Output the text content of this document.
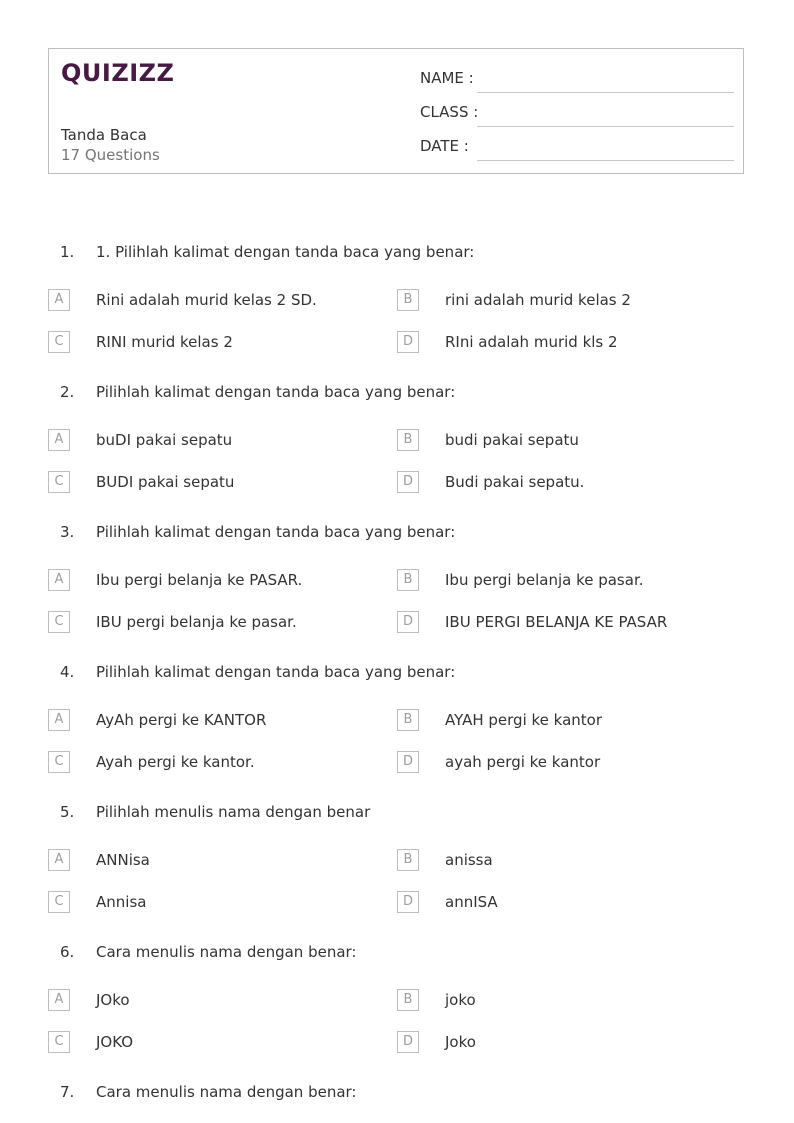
QUIZIZZ
Tanda Baca
17 Questions
NAME :
CLASS :
DATE :
1. 1. Pilihlah kalimat dengan tanda baca yang benar:
A	Rini adalah murid kelas 2 SD.	B	rini adalah murid kelas 2
C	RINI murid kelas 2	D	RIni adalah murid kls 2
2. Pilihlah kalimat dengan tanda baca yang benar:
A	buDI pakai sepatu	B	budi pakai sepatu
C	BUDI pakai sepatu	D	Budi pakai sepatu.
3. Pilihlah kalimat dengan tanda baca yang benar:
A	Ibu pergi belanja ke PASAR.	B	Ibu pergi belanja ke pasar.
C	IBU pergi belanja ke pasar.	D	IBU PERGI BELANJA KE PASAR
4. Pilihlah kalimat dengan tanda baca yang benar:
A	AyAh pergi ke KANTOR	B	AYAH pergi ke kantor
C	Ayah pergi ke kantor.	D	ayah pergi ke kantor
5. Pilihlah menulis nama dengan benar
A	ANNisa	B	anissa
C	Annisa	D	annISA
6. Cara menulis nama dengan benar:
A	JOko	B	joko
C	JOKO	D	Joko
7. Cara menulis nama dengan benar:
